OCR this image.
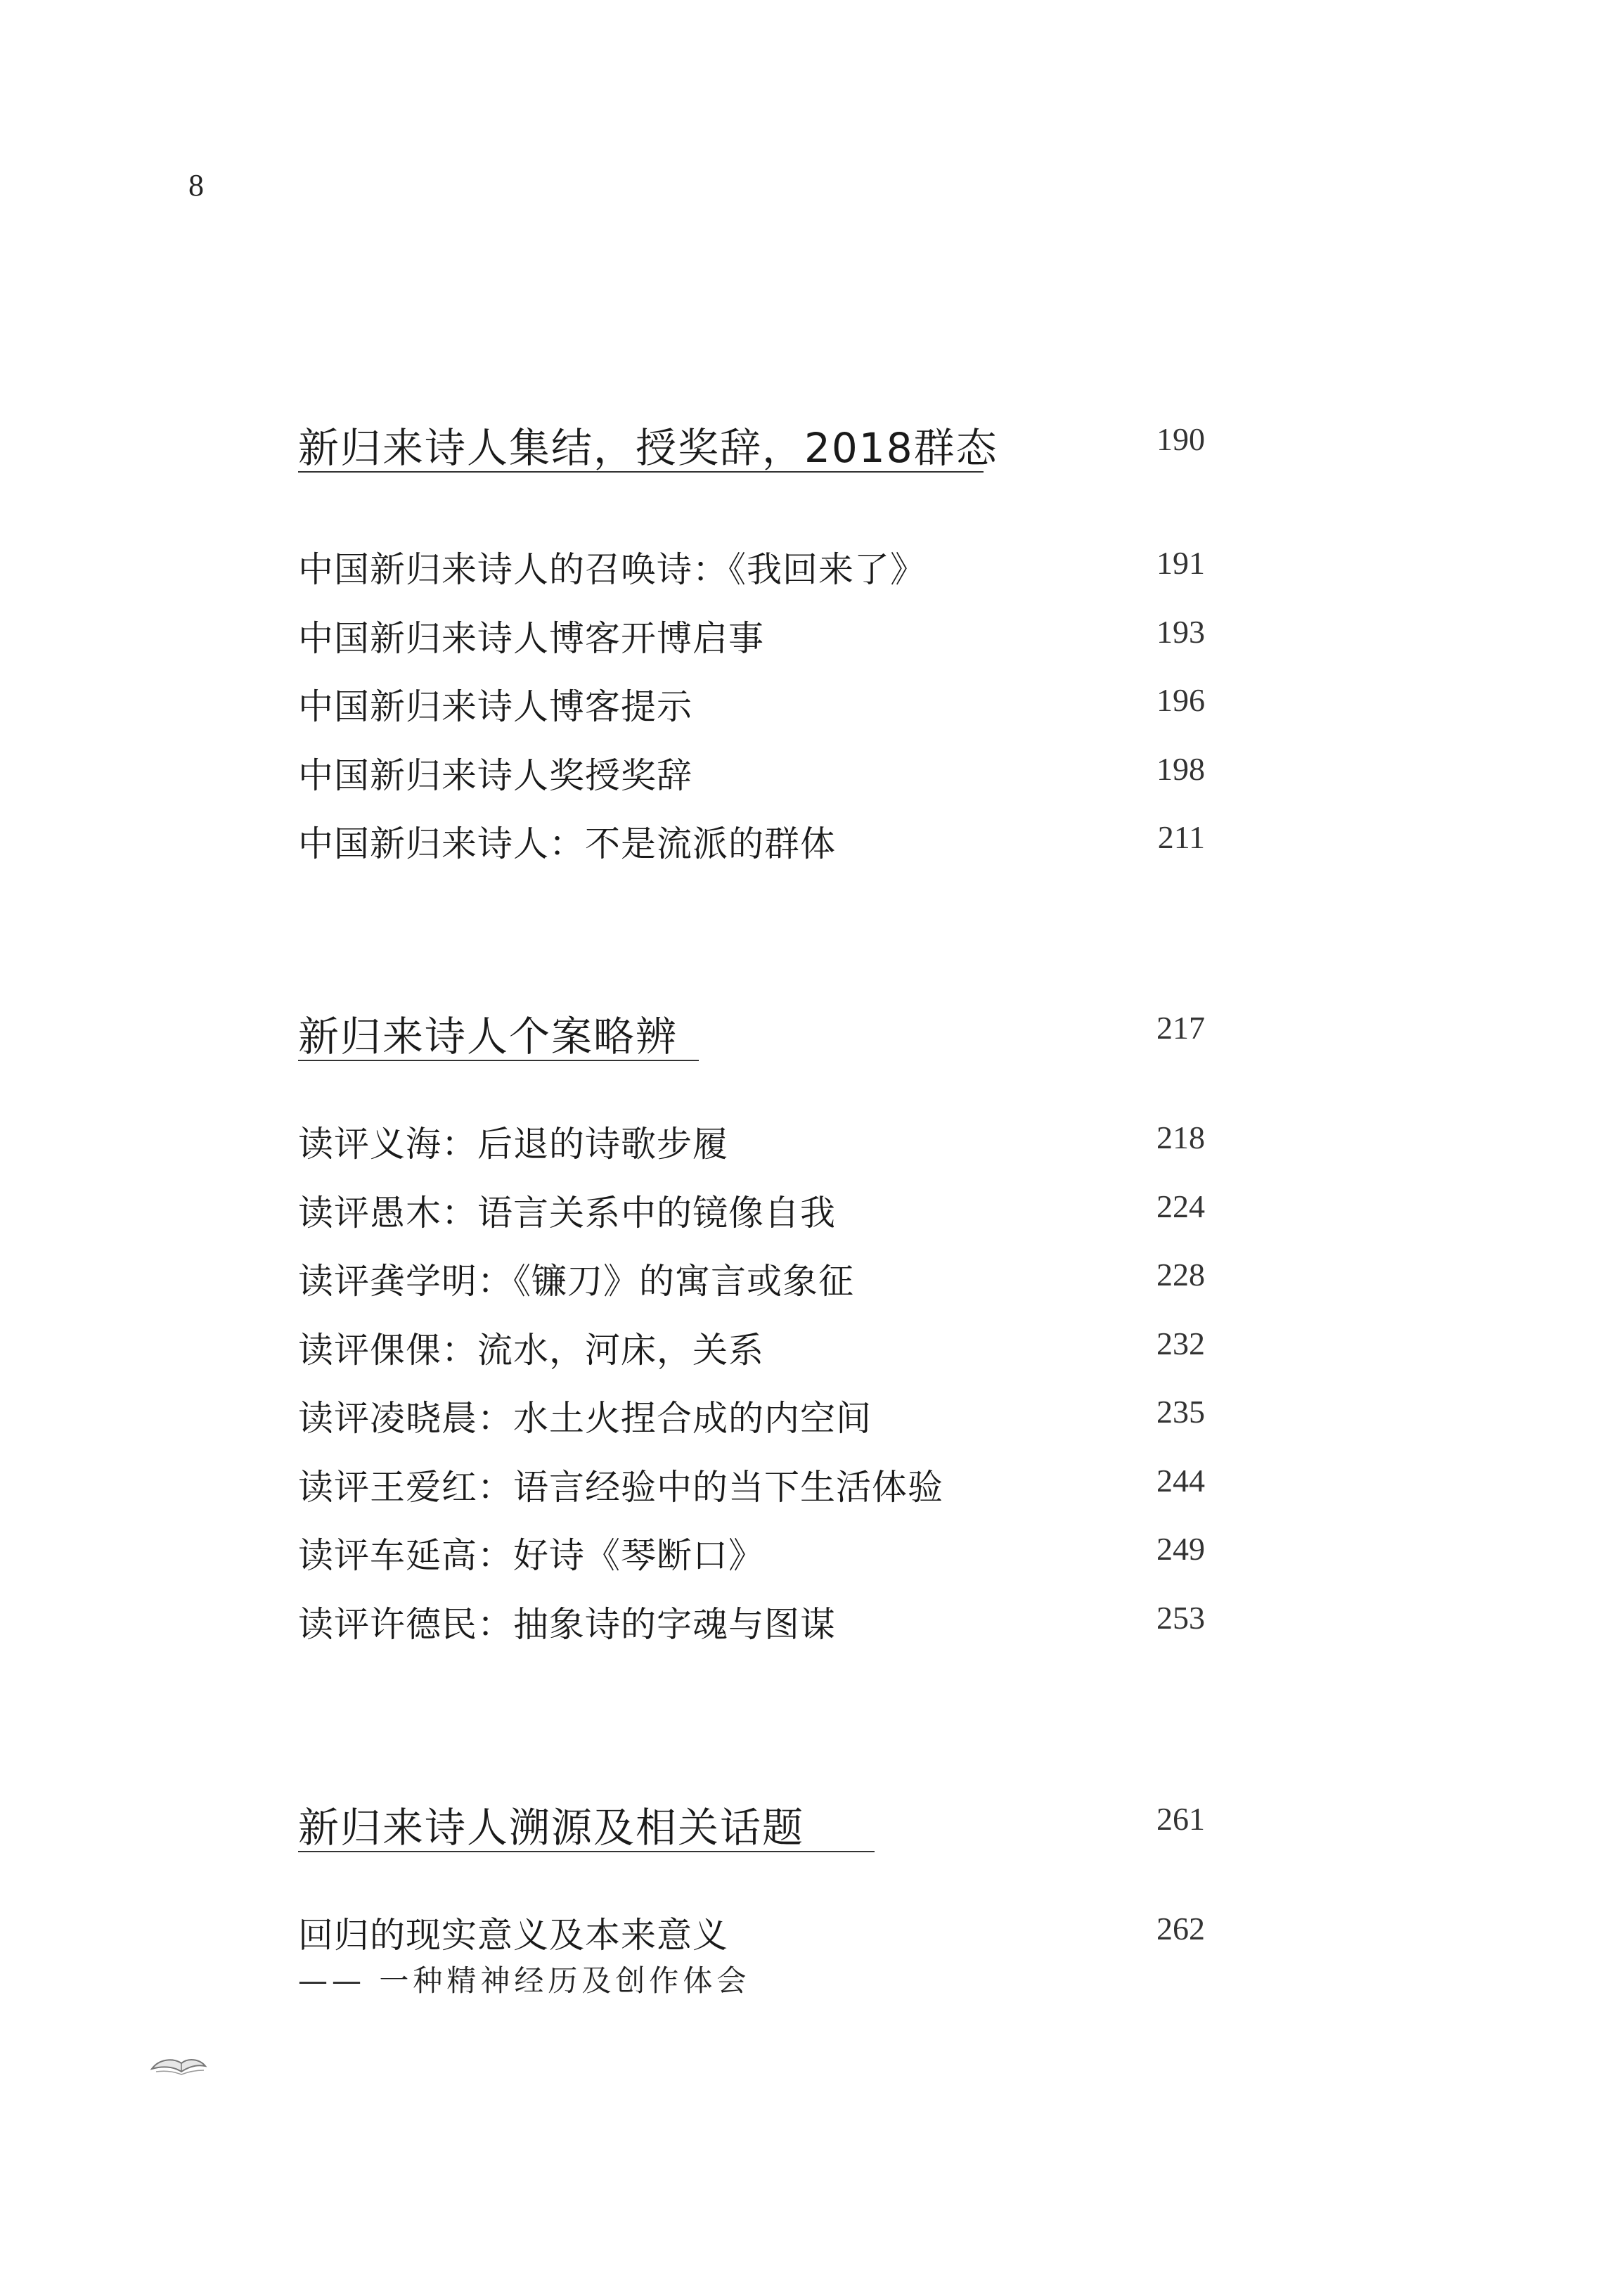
8
新归来诗人集结，授奖辞，2018群态	190
中国新归来诗人的召唤诗：《我回来了》	191
中国新归来诗人博客开博启事	193
中国新归来诗人博客提示	196
中国新归来诗人奖授奖辞	198
中国新归来诗人：不是流派的群体	211
新归来诗人个案略辨	217
读评义海：后退的诗歌步履	218
读评愚木：语言关系中的镜像自我	224
读评龚学明：《镰刀》的寓言或象征	228
读评倮倮：流水，河床，关系	232
读评凌晓晨：水土火捏合成的内空间	235
读评王爱红：语言经验中的当下生活体验	244
读评车延高：好诗《琴断口》	249
读评许德民：抽象诗的字魂与图谋	253
新归来诗人溯源及相关话题	261
回归的现实意义及本来意义	262
—— 一种精神经历及创作体会
